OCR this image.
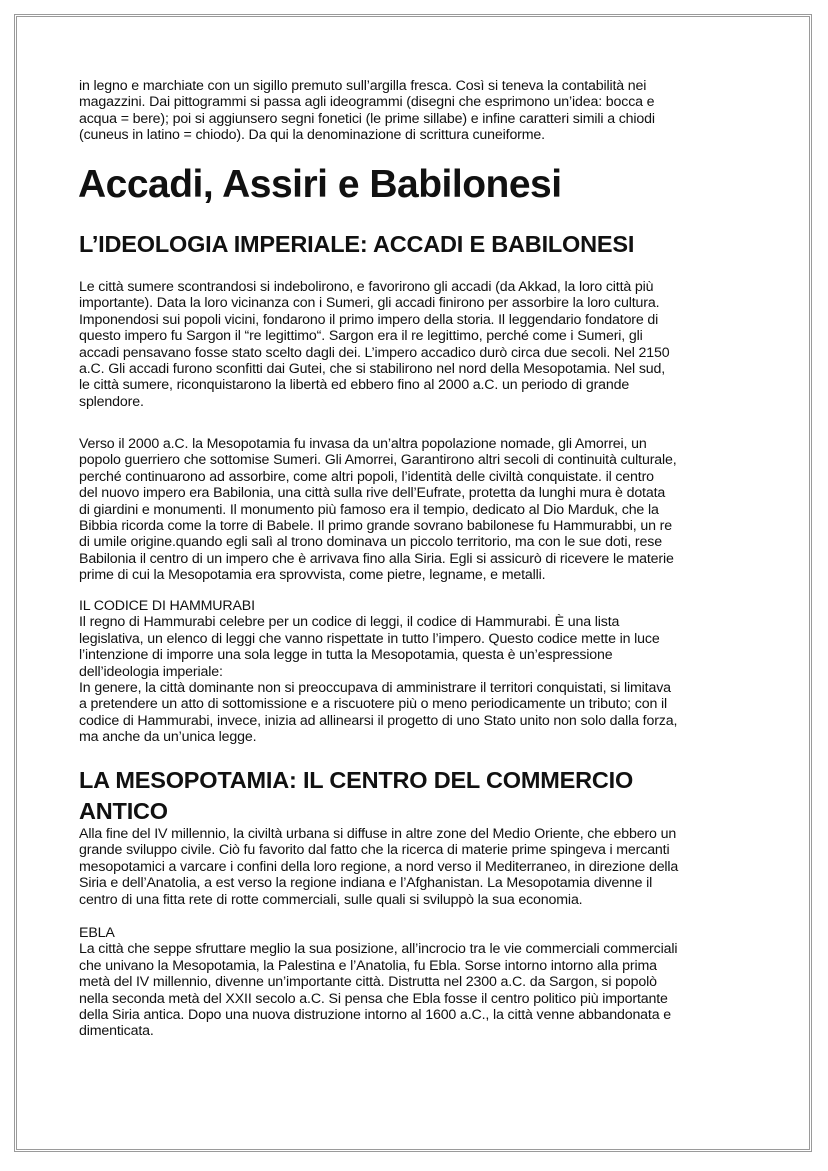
in legno e marchiate con un sigillo premuto sull’argilla fresca. Così si teneva la contabilità nei
magazzini. Dai pittogrammi si passa agli ideogrammi (disegni che esprimono un’idea: bocca e
acqua = bere); poi si aggiunsero segni fonetici (le prime sillabe) e infine caratteri simili a chiodi
(cuneus in latino = chiodo). Da qui la denominazione di scrittura cuneiforme.
Accadi, Assiri e Babilonesi
L’IDEOLOGIA IMPERIALE: ACCADI E BABILONESI
Le città sumere scontrandosi si indebolirono, e favorirono gli accadi (da Akkad, la loro città più
importante). Data la loro vicinanza con i Sumeri, gli accadi finirono per assorbire la loro cultura.
Imponendosi sui popoli vicini, fondarono il primo impero della storia. Il leggendario fondatore di
questo impero fu Sargon il “re legittimo“. Sargon era il re legittimo, perché come i Sumeri, gli
accadi pensavano fosse stato scelto dagli dei. L’impero accadico durò circa due secoli. Nel 2150
a.C. Gli accadi furono sconfitti dai Gutei, che si stabilirono nel nord della Mesopotamia. Nel sud,
le città sumere, riconquistarono la libertà ed ebbero fino al 2000 a.C. un periodo di grande
splendore.
Verso il 2000 a.C. la Mesopotamia fu invasa da un’altra popolazione nomade, gli Amorrei, un
popolo guerriero che sottomise Sumeri. Gli Amorrei, Garantirono altri secoli di continuità culturale,
perché continuarono ad assorbire, come altri popoli, l’identità delle civiltà conquistate. il centro
del nuovo impero era Babilonia, una città sulla rive dell’Eufrate, protetta da lunghi mura è dotata
di giardini e monumenti. Il monumento più famoso era il tempio, dedicato al Dio Marduk, che la
Bibbia ricorda come la torre di Babele. Il primo grande sovrano babilonese fu Hammurabbi, un re
di umile origine.quando egli salì al trono dominava un piccolo territorio, ma con le sue doti, rese
Babilonia il centro di un impero che è arrivava fino alla Siria. Egli si assicurò di ricevere le materie
prime di cui la Mesopotamia era sprovvista, come pietre, legname, e metalli.
IL CODICE DI HAMMURABI
Il regno di Hammurabi celebre per un codice di leggi, il codice di Hammurabi. È una lista
legislativa, un elenco di leggi che vanno rispettate in tutto l’impero. Questo codice mette in luce
l’intenzione di imporre una sola legge in tutta la Mesopotamia, questa è un’espressione
dell’ideologia imperiale:
In genere, la città dominante non si preoccupava di amministrare il territori conquistati, si limitava
a pretendere un atto di sottomissione e a riscuotere più o meno periodicamente un tributo; con il
codice di Hammurabi, invece, inizia ad allinearsi il progetto di uno Stato unito non solo dalla forza,
ma anche da un’unica legge.
LA MESOPOTAMIA: IL CENTRO DEL COMMERCIO
ANTICO
Alla fine del IV millennio, la civiltà urbana si diffuse in altre zone del Medio Oriente, che ebbero un
grande sviluppo civile. Ciò fu favorito dal fatto che la ricerca di materie prime spingeva i mercanti
mesopotamici a varcare i confini della loro regione, a nord verso il Mediterraneo, in direzione della
Siria e dell’Anatolia, a est verso la regione indiana e l’Afghanistan. La Mesopotamia divenne il
centro di una fitta rete di rotte commerciali, sulle quali si sviluppò la sua economia.
EBLA
La città che seppe sfruttare meglio la sua posizione, all’incrocio tra le vie commerciali commerciali
che univano la Mesopotamia, la Palestina e l’Anatolia, fu Ebla. Sorse intorno intorno alla prima
metà del IV millennio, divenne un’importante città. Distrutta nel 2300 a.C. da Sargon, si popolò
nella seconda metà del XXII secolo a.C. Si pensa che Ebla fosse il centro politico più importante
della Siria antica. Dopo una nuova distruzione intorno al 1600 a.C., la città venne abbandonata e
dimenticata.
